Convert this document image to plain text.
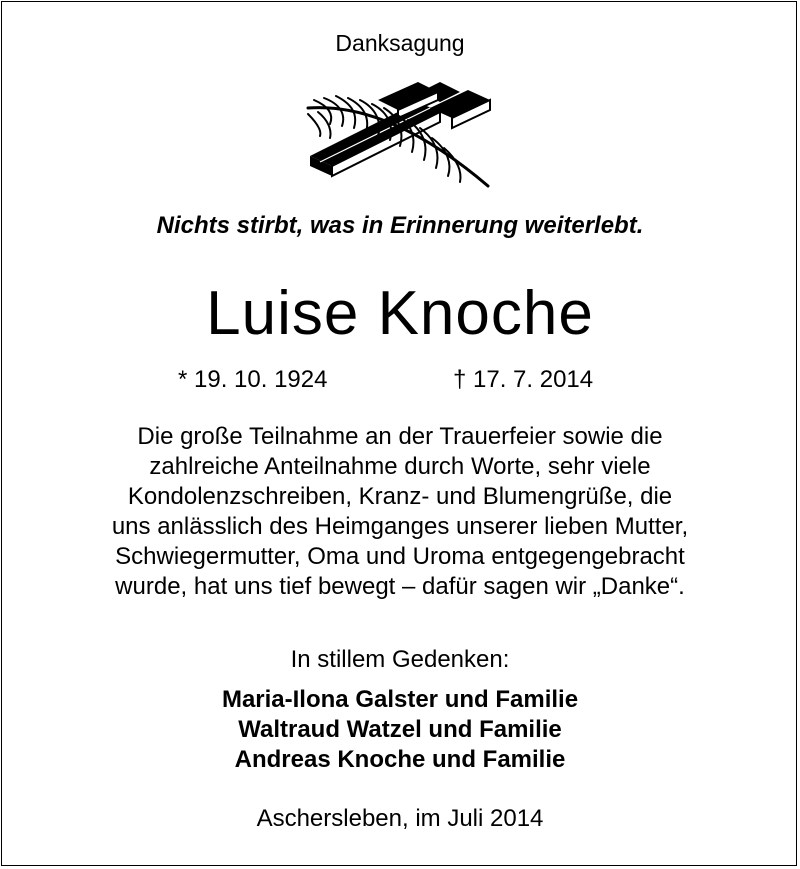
Danksagung
Nichts stirbt, was in Erinnerung weiterlebt.
Luise Knoche
* 19. 10. 1924	† 17. 7. 2014
Die große Teilnahme an der Trauerfeier sowie die
zahlreiche Anteilnahme durch Worte, sehr viele
Kondolenzschreiben, Kranz- und Blumengrüße, die
uns anlässlich des Heimganges unserer lieben Mutter,
Schwiegermutter, Oma und Uroma entgegengebracht
wurde, hat uns tief bewegt – dafür sagen wir „Danke“.
In stillem Gedenken:
Maria-Ilona Galster und Familie
Waltraud Watzel und Familie
Andreas Knoche und Familie
Aschersleben, im Juli 2014
